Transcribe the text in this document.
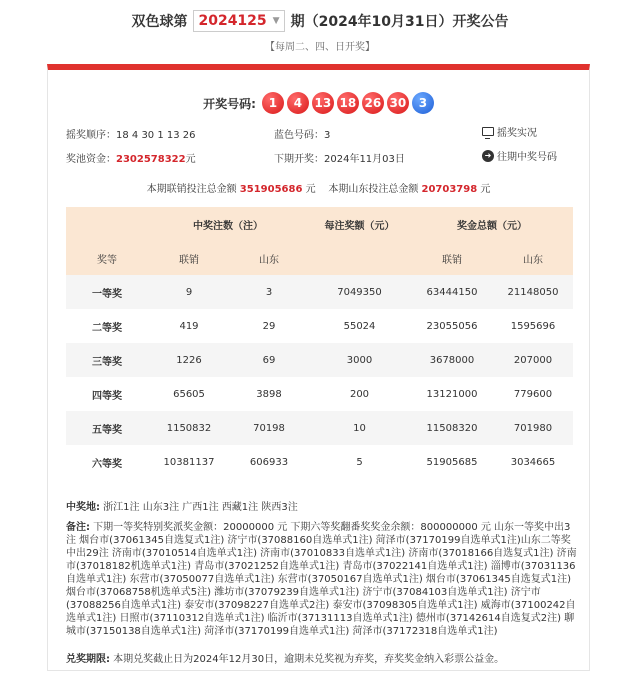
双色球第 2024125 ▼ 期（2024年10月31日）开奖公告
【每周二、四、日开奖】
开奖号码:	1	4	13 18 26 30	3
摇奖顺序：18 4 30 1 13 26	蓝色号码：3	摇奖实况
奖池资金：2302578322元	下期开奖：2024年11月03日	➜ 往期中奖号码
本期联销投注总金额 351905686 元 本期山东投注总金额 20703798 元
	中奖注数（注）		每注奖额（元）	奖金总额（元）	
奖等	联销	山东		联销	山东
一等奖	9	3	7049350	63444150	21148050
二等奖	419	29	55024	23055056	1595696
三等奖	1226	69	3000	3678000	207000
四等奖	65605	3898	200	13121000	779600
五等奖	1150832	70198	10	11508320	701980
六等奖	10381137	606933	5	51905685	3034665
中奖地: 浙江1注 山东3注 广西1注 西藏1注 陕西3注
备注: 下期一等奖特别奖派奖金额：20000000 元 下期六等奖翻番奖奖金余额：800000000 元 山东一等奖中出3注 烟台市(37061345自选复式1注) 济宁市(37088160自选单式1注) 菏泽市(37170199自选单式1注)山东二等奖中出29注 济南市(37010514自选单式1注) 济南市(37010833自选单式1注) 济南市(37018166自选复式1注) 济南市(37018182机选单式1注) 青岛市(37021252自选单式1注) 青岛市(37022141自选单式1注) 淄博市(37031136自选单式1注) 东营市(37050077自选单式1注) 东营市(37050167自选单式1注) 烟台市(37061345自选复式1注) 烟台市(37068758机选单式5注) 潍坊市(37079239自选单式1注) 济宁市(37084103自选单式1注) 济宁市(37088256自选单式1注) 泰安市(37098227自选单式2注) 泰安市(37098305自选单式1注) 威海市(37100242自选单式1注) 日照市(37110312自选单式1注) 临沂市(37131113自选单式1注) 德州市(37142614自选复式2注) 聊城市(37150138自选单式1注) 菏泽市(37170199自选单式1注) 菏泽市(37172318自选单式1注)
兑奖期限: 本期兑奖截止日为2024年12月30日，逾期未兑奖视为弃奖，弃奖奖金纳入彩票公益金。
